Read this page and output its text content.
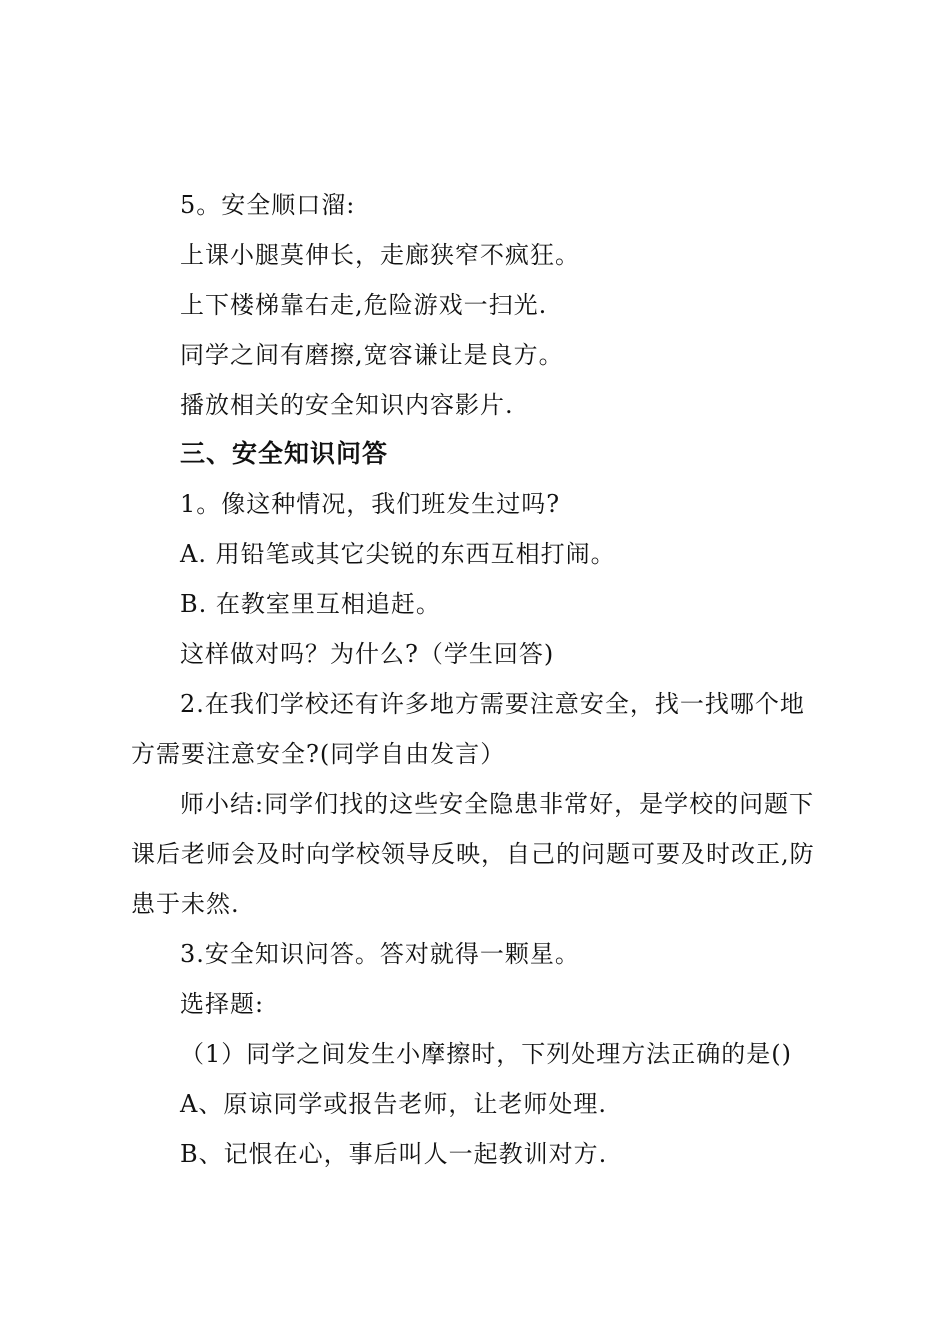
5。安全顺口溜:
上课小腿莫伸长，走廊狭窄不疯狂。
上下楼梯靠右走,危险游戏一扫光.
同学之间有磨擦,宽容谦让是良方。
播放相关的安全知识内容影片.
三、安全知识问答
1。像这种情况，我们班发生过吗?
A. 用铅笔或其它尖锐的东西互相打闹。
B. 在教室里互相追赶。
这样做对吗？为什么?（学生回答)
2.在我们学校还有许多地方需要注意安全，找一找哪个地
方需要注意安全?(同学自由发言）
师小结:同学们找的这些安全隐患非常好，是学校的问题下
课后老师会及时向学校领导反映，自己的问题可要及时改正,防
患于未然.
3.安全知识问答。答对就得一颗星。
选择题:
（1）同学之间发生小摩擦时，下列处理方法正确的是()
A、原谅同学或报告老师，让老师处理.
B、记恨在心，事后叫人一起教训对方.
